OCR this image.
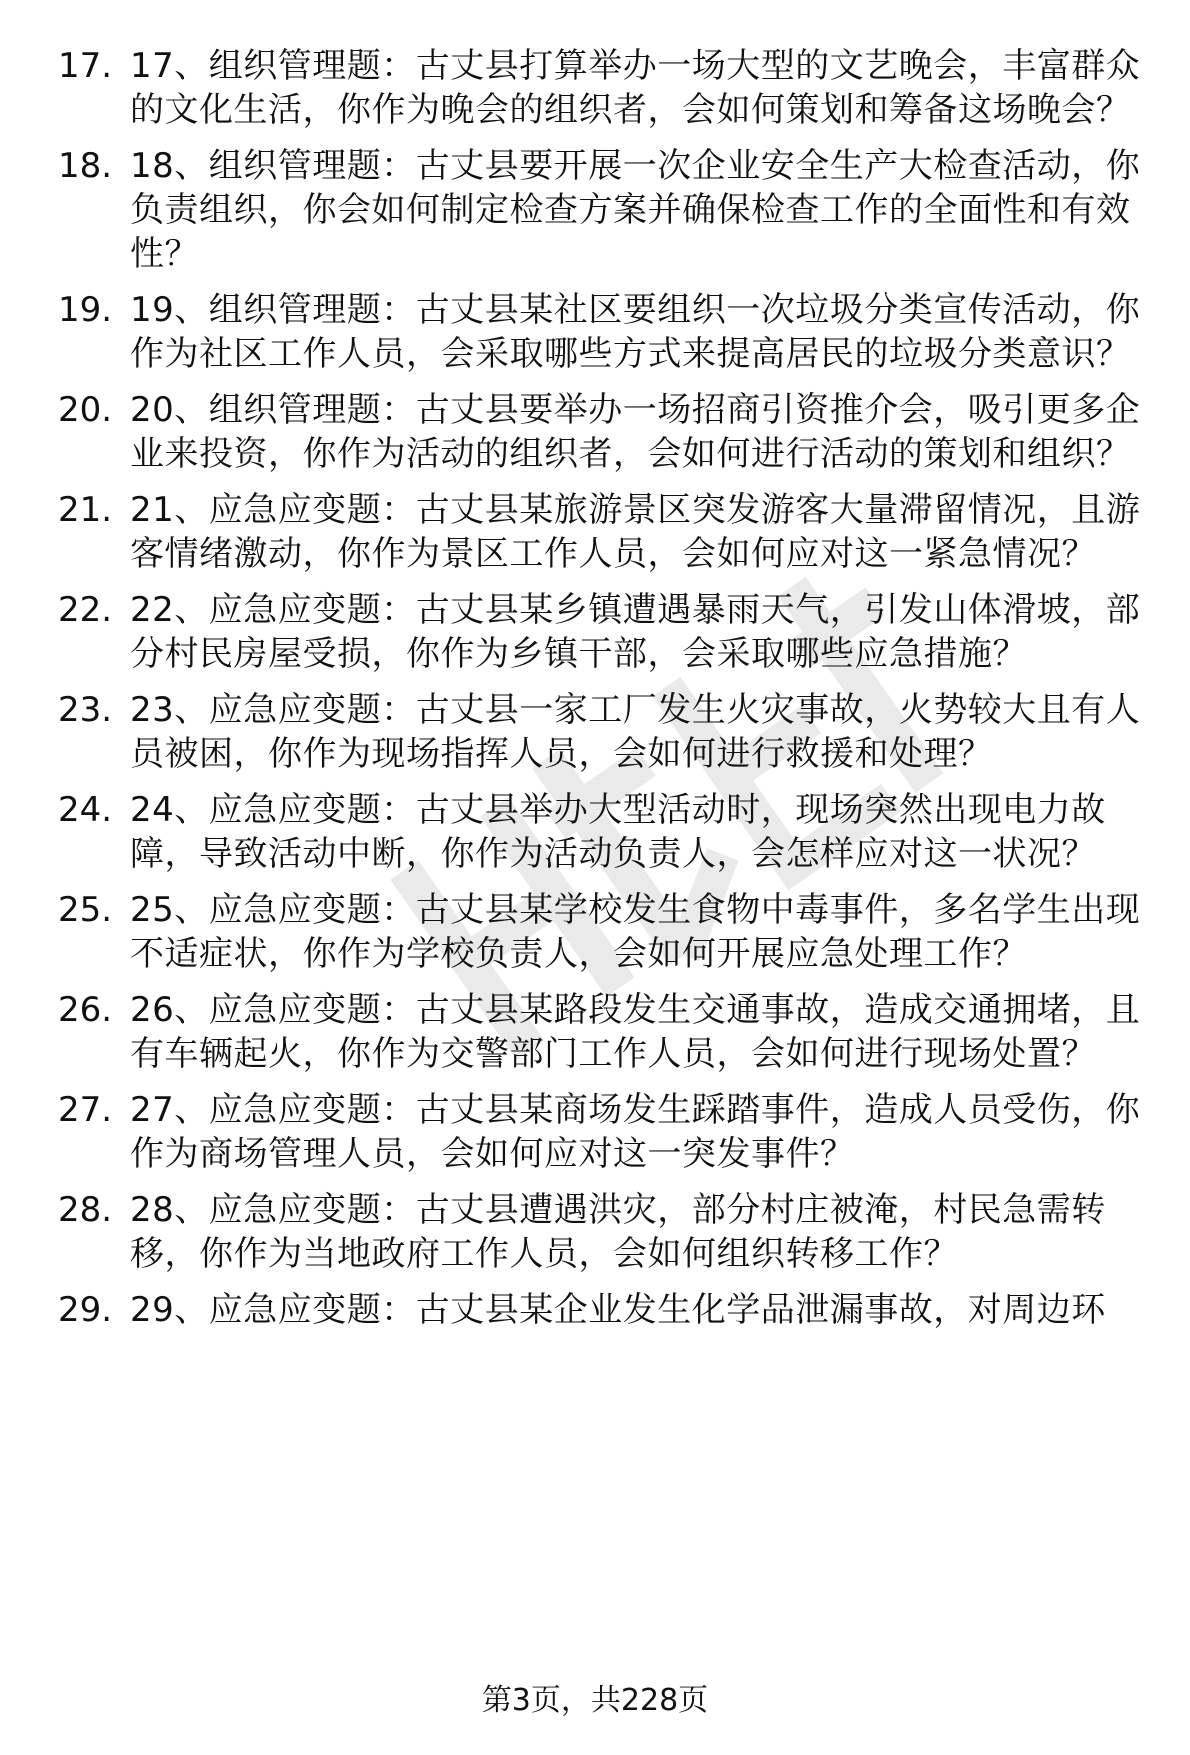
17. 17、组织管理题：古丈县打算举办一场大型的文艺晚会，丰富群众的文化生活，你作为晚会的组织者，会如何策划和筹备这场晚会？
18. 18、组织管理题：古丈县要开展一次企业安全生产大检查活动，你负责组织，你会如何制定检查方案并确保检查工作的全面性和有效性？
19. 19、组织管理题：古丈县某社区要组织一次垃圾分类宣传活动，你作为社区工作人员，会采取哪些方式来提高居民的垃圾分类意识？
20. 20、组织管理题：古丈县要举办一场招商引资推介会，吸引更多企业来投资，你作为活动的组织者，会如何进行活动的策划和组织？
21. 21、应急应变题：古丈县某旅游景区突发游客大量滞留情况，且游客情绪激动，你作为景区工作人员，会如何应对这一紧急情况？
22. 22、应急应变题：古丈县某乡镇遭遇暴雨天气，引发山体滑坡，部分村民房屋受损，你作为乡镇干部，会采取哪些应急措施？
23. 23、应急应变题：古丈县一家工厂发生火灾事故，火势较大且有人员被困，你作为现场指挥人员，会如何进行救援和处理？
24. 24、应急应变题：古丈县举办大型活动时，现场突然出现电力故障，导致活动中断，你作为活动负责人，会怎样应对这一状况？
25. 25、应急应变题：古丈县某学校发生食物中毒事件，多名学生出现不适症状，你作为学校负责人，会如何开展应急处理工作？
26. 26、应急应变题：古丈县某路段发生交通事故，造成交通拥堵，且有车辆起火，你作为交警部门工作人员，会如何进行现场处置？
27. 27、应急应变题：古丈县某商场发生踩踏事件，造成人员受伤，你作为商场管理人员，会如何应对这一突发事件？
28. 28、应急应变题：古丈县遭遇洪灾，部分村庄被淹，村民急需转移，你作为当地政府工作人员，会如何组织转移工作？
29. 29、应急应变题：古丈县某企业发生化学品泄漏事故，对周边环
第3页，共228页
